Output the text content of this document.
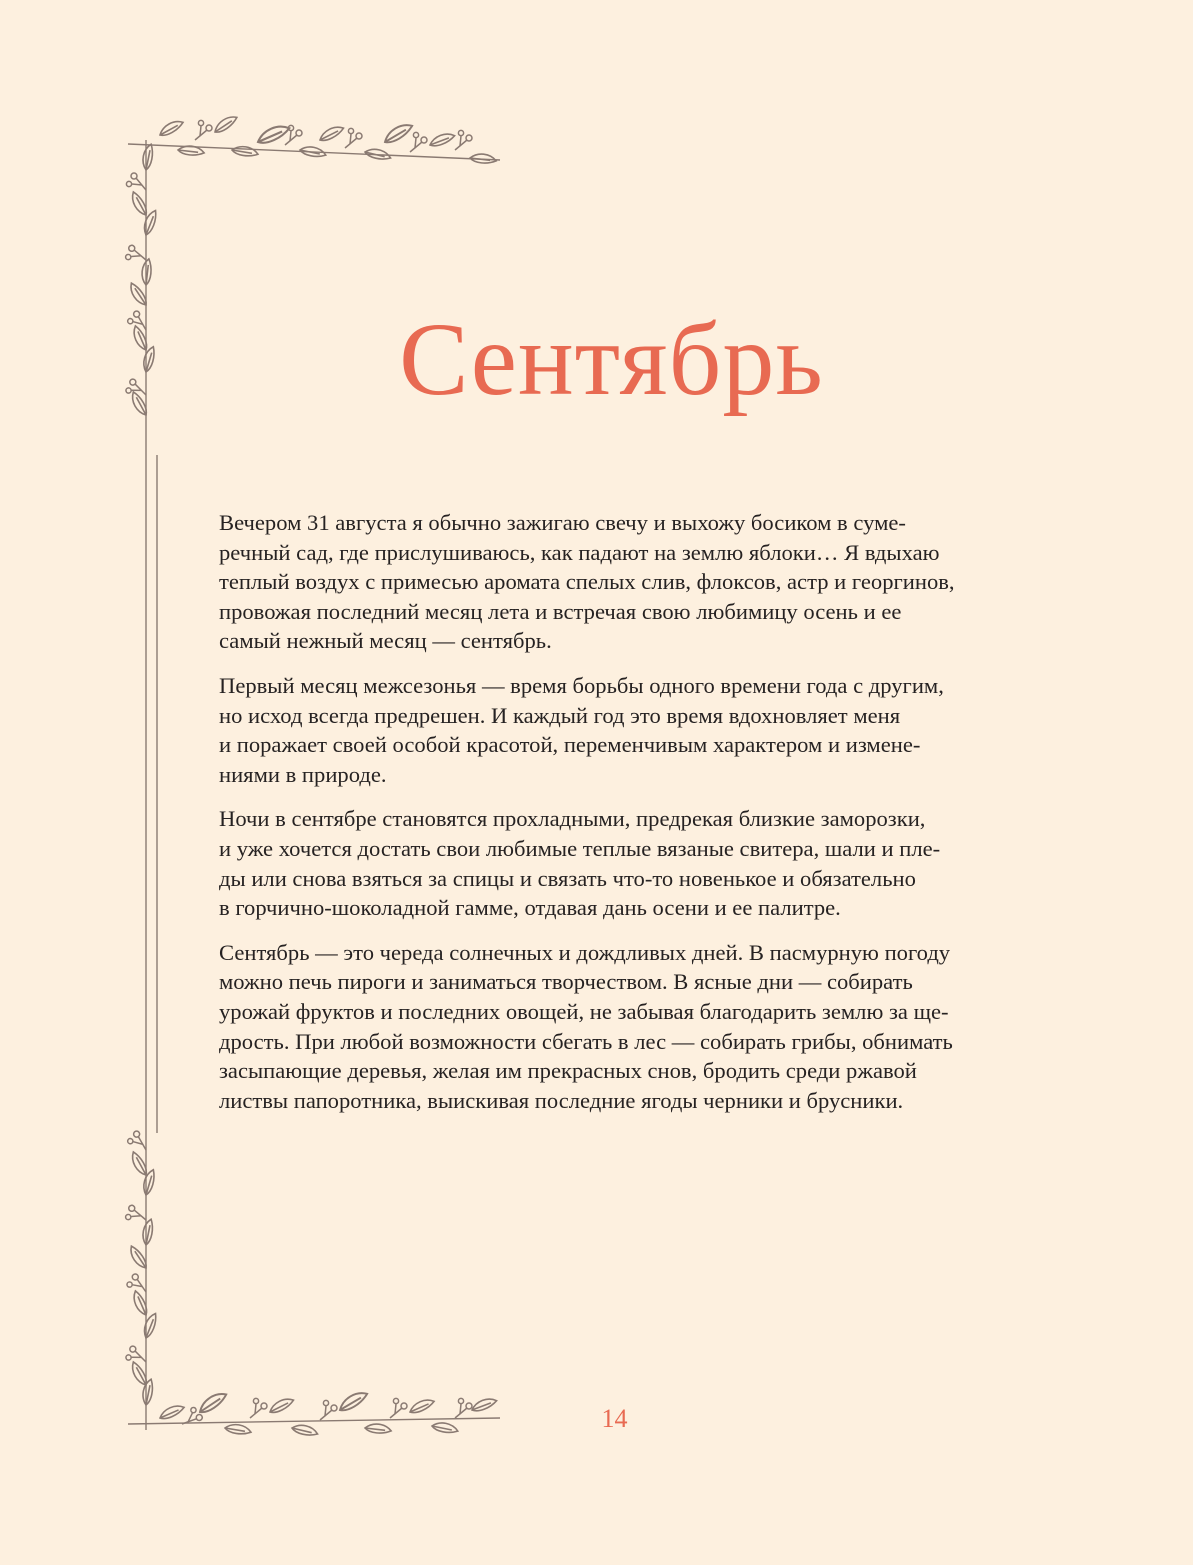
Сентябрь

Вечером 31 августа я обычно зажигаю свечу и выхожу босиком в суме-
речный сад, где прислушиваюсь, как падают на землю яблоки… Я вдыхаю
теплый воздух с примесью аромата спелых слив, флоксов, астр и георгинов,
провожая последний месяц лета и встречая свою любимицу осень и ее
самый нежный месяц — сентябрь.

Первый месяц межсезонья — время борьбы одного времени года с другим,
но исход всегда предрешен. И каждый год это время вдохновляет меня
и поражает своей особой красотой, переменчивым характером и измене-
ниями в природе.

Ночи в сентябре становятся прохладными, предрекая близкие заморозки,
и уже хочется достать свои любимые теплые вязаные свитера, шали и пле-
ды или снова взяться за спицы и связать что-то новенькое и обязательно
в горчично-шоколадной гамме, отдавая дань осени и ее палитре.

Сентябрь — это череда солнечных и дождливых дней. В пасмурную погоду
можно печь пироги и заниматься творчеством. В ясные дни — собирать
урожай фруктов и последних овощей, не забывая благодарить землю за ще-
дрость. При любой возможности сбегать в лес — собирать грибы, обнимать
засыпающие деревья, желая им прекрасных снов, бродить среди ржавой
листвы папоротника, выискивая последние ягоды черники и брусники.

14
